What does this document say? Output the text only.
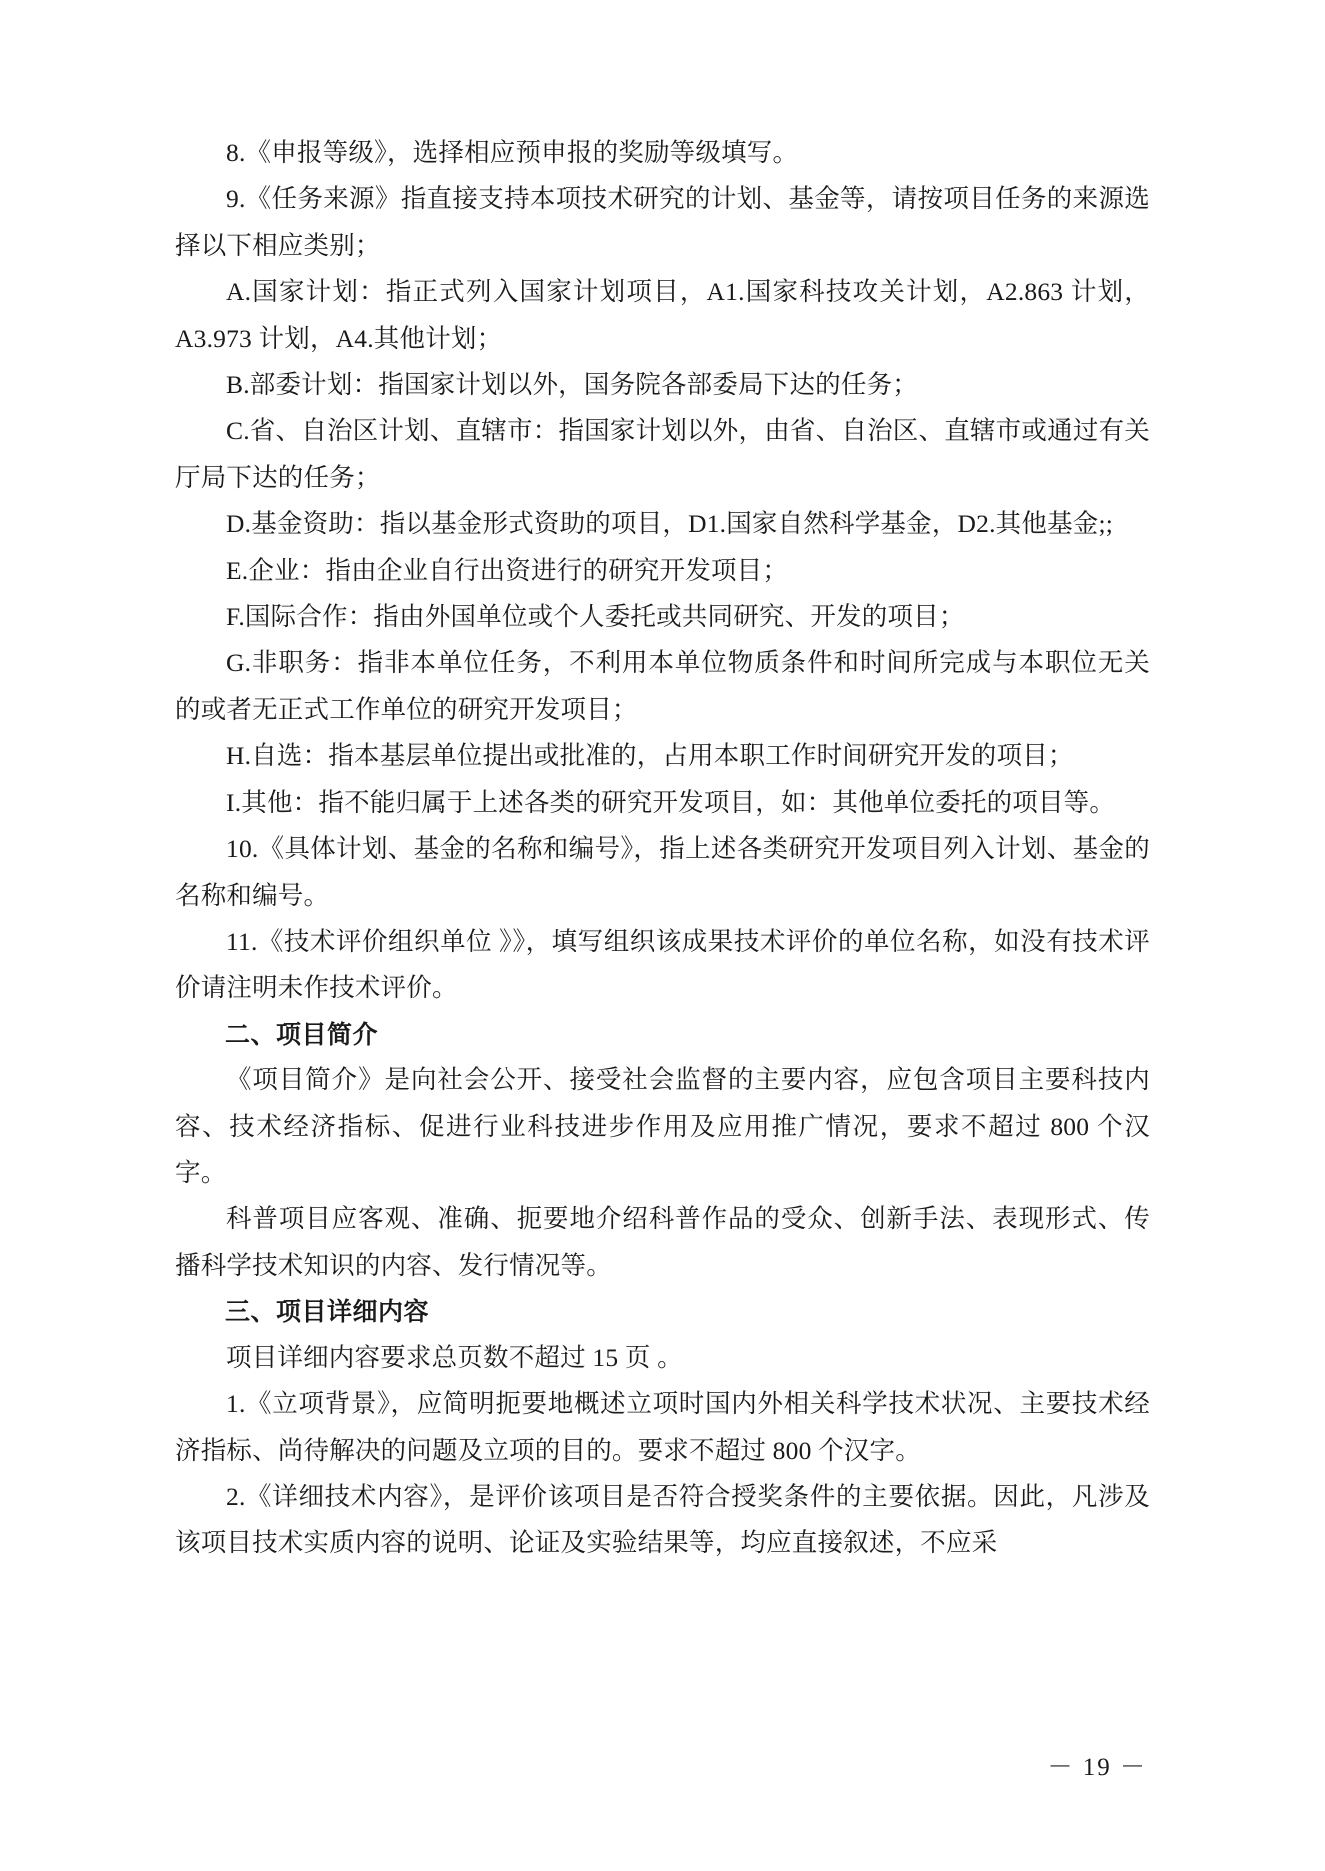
8.《申报等级》，选择相应预申报的奖励等级填写。

9.《任务来源》指直接支持本项技术研究的计划、基金等，请按项目任务的来源选择以下相应类别；

A.国家计划：指正式列入国家计划项目，A1.国家科技攻关计划，A2.863 计划，A3.973 计划，A4.其他计划；

B.部委计划：指国家计划以外，国务院各部委局下达的任务；

C.省、自治区计划、直辖市：指国家计划以外，由省、自治区、直辖市或通过有关厅局下达的任务；

D.基金资助：指以基金形式资助的项目，D1.国家自然科学基金，D2.其他基金;;

E.企业：指由企业自行出资进行的研究开发项目；

F.国际合作：指由外国单位或个人委托或共同研究、开发的项目；

G.非职务：指非本单位任务，不利用本单位物质条件和时间所完成与本职位无关的或者无正式工作单位的研究开发项目；

H.自选：指本基层单位提出或批准的，占用本职工作时间研究开发的项目；

I.其他：指不能归属于上述各类的研究开发项目，如：其他单位委托的项目等。

10.《具体计划、基金的名称和编号》，指上述各类研究开发项目列入计划、基金的名称和编号。

11.《技术评价组织单位 》》，填写组织该成果技术评价的单位名称，如没有技术评价请注明未作技术评价。

二、项目简介

《项目简介》是向社会公开、接受社会监督的主要内容，应包含项目主要科技内容、技术经济指标、促进行业科技进步作用及应用推广情况，要求不超过 800 个汉字。

科普项目应客观、准确、扼要地介绍科普作品的受众、创新手法、表现形式、传播科学技术知识的内容、发行情况等。

三、项目详细内容

项目详细内容要求总页数不超过 15 页 。

1.《立项背景》，应简明扼要地概述立项时国内外相关科学技术状况、主要技术经济指标、尚待解决的问题及立项的目的。要求不超过 800 个汉字。

2.《详细技术内容》，是评价该项目是否符合授奖条件的主要依据。因此，凡涉及该项目技术实质内容的说明、论证及实验结果等，均应直接叙述，不应采

－ 19 －
